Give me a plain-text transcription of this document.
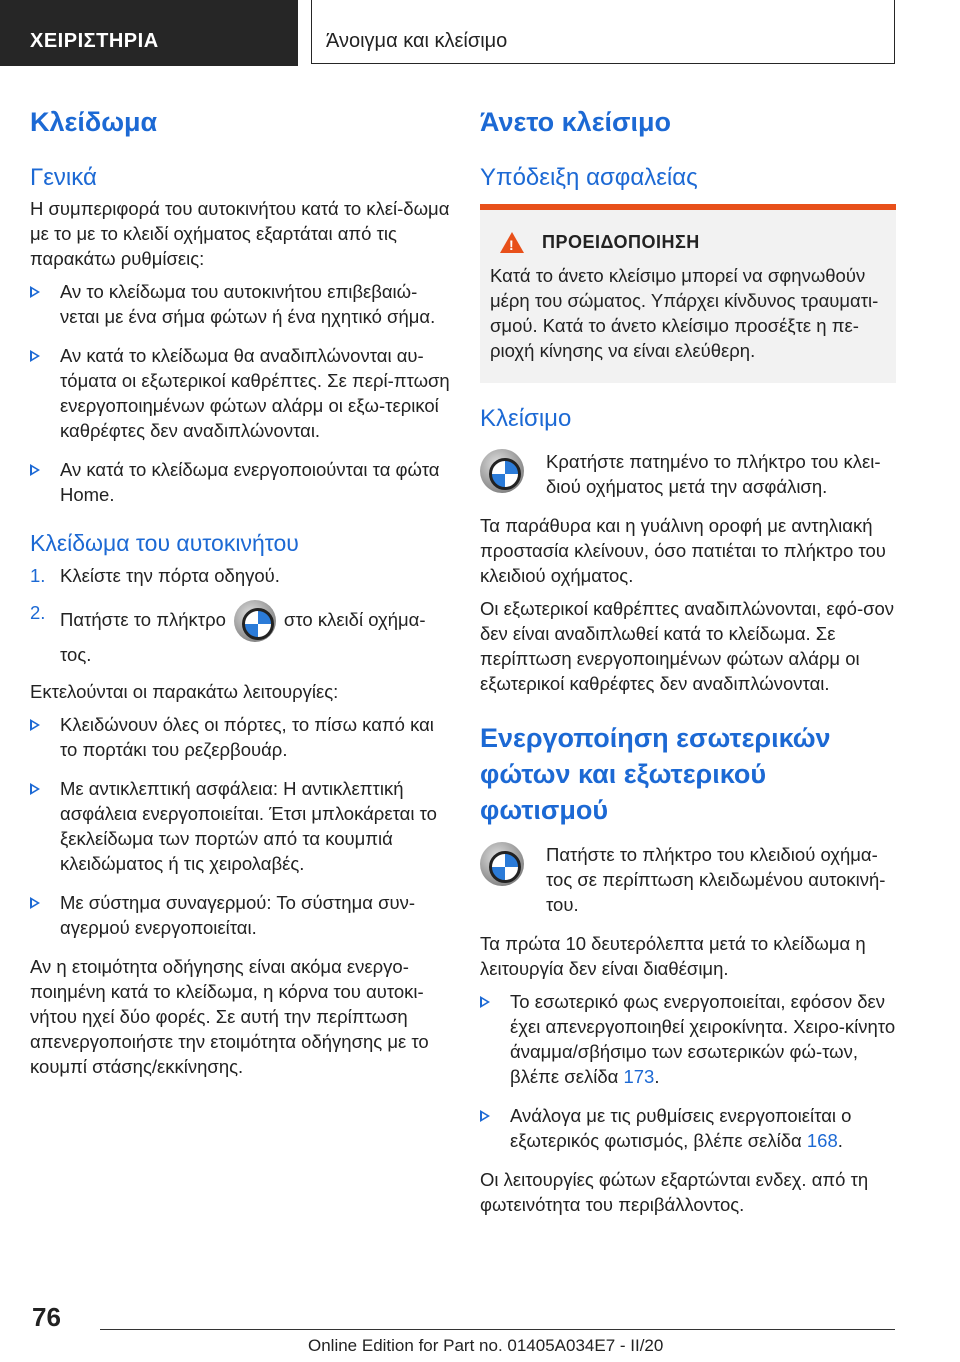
ΧΕΙΡΙΣΤΗΡΙΑ	Άνοιγμα και κλείσιμο
Κλείδωμα
Γενικά

Η συμπεριφορά του αυτοκινήτου κατά το κλεί-δωμα με το με το κλειδί οχήματος εξαρτάται από τις παρακάτω ρυθμίσεις:

Αν το κλείδωμα του αυτοκινήτου επιβεβαιώ-νεται με ένα σήμα φώτων ή ένα ηχητικό σήμα.
Αν κατά το κλείδωμα θα αναδιπλώνονται αυ-τόματα οι εξωτερικοί καθρέπτες. Σε περί-πτωση ενεργοποιημένων φώτων αλάρμ οι εξω-τερικοί καθρέφτες δεν αναδιπλώνονται.
Αν κατά το κλείδωμα ενεργοποιούνται τα φώτα Home.
Κλείδωμα του αυτοκινήτου
1. Κλείστε την πόρτα οδηγού.
2. Πατήστε το πλήκτρο	στο κλειδί οχήμα-τος.

Εκτελούνται οι παρακάτω λειτουργίες:

Κλειδώνουν όλες οι πόρτες, το πίσω καπό και το πορτάκι του ρεζερβουάρ.
Με αντικλεπτική ασφάλεια: Η αντικλεπτική ασφάλεια ενεργοποιείται. Έτσι μπλοκάρεται το ξεκλείδωμα των πορτών από τα κουμπιά κλειδώματος ή τις χειρολαβές.
Με σύστημα συναγερμού: Το σύστημα συν-αγερμού ενεργοποιείται.

Αν η ετοιμότητα οδήγησης είναι ακόμα ενεργο-ποιημένη κατά το κλείδωμα, η κόρνα του αυτοκι-νήτου ηχεί δύο φορές. Σε αυτή την περίπτωση απενεργοποιήστε την ετοιμότητα οδήγησης με το κουμπί στάσης/εκκίνησης.

Άνετο κλείσιμο
Υπόδειξη ασφαλείας
!
ΠΡΟΕΙΔΟΠΟΙΗΣΗ

Κατά το άνετο κλείσιμο μπορεί να σφηνωθούν μέρη του σώματος. Υπάρχει κίνδυνος τραυματι-σμού. Κατά το άνετο κλείσιμο προσέξτε η πε-ριοχή κίνησης να είναι ελεύθερη.

Κλείσιμο
Κρατήστε πατημένο το πλήκτρο του κλει-διού οχήματος μετά την ασφάλιση.

Τα παράθυρα και η γυάλινη οροφή με αντηλιακή προστασία κλείνουν, όσο πατιέται το πλήκτρο του κλειδιού οχήματος.

Οι εξωτερικοί καθρέπτες αναδιπλώνονται, εφό-σον δεν είναι αναδιπλωθεί κατά το κλείδωμα. Σε περίπτωση ενεργοποιημένων φώτων αλάρμ οι εξωτερικοί καθρέφτες δεν αναδιπλώνονται.

Ενεργοποίηση εσωτερικών φώτων και εξωτερικού φωτισμού
Πατήστε το πλήκτρο του κλειδιού οχήμα-τος σε περίπτωση κλειδωμένου αυτοκινή-του.

Τα πρώτα 10 δευτερόλεπτα μετά το κλείδωμα η λειτουργία δεν είναι διαθέσιμη.

Το εσωτερικό φως ενεργοποιείται, εφόσον δεν έχει απενεργοποιηθεί χειροκίνητα. Χειρο-κίνητο άναμμα/σβήσιμο των εσωτερικών φώ-των, βλέπε σελίδα 173.
Ανάλογα με τις ρυθμίσεις ενεργοποιείται ο εξωτερικός φωτισμός, βλέπε σελίδα 168.

Οι λειτουργίες φώτων εξαρτώνται ενδεχ. από τη φωτεινότητα του περιβάλλοντος.

76
Online Edition for Part no. 01405A034E7 - II/20
